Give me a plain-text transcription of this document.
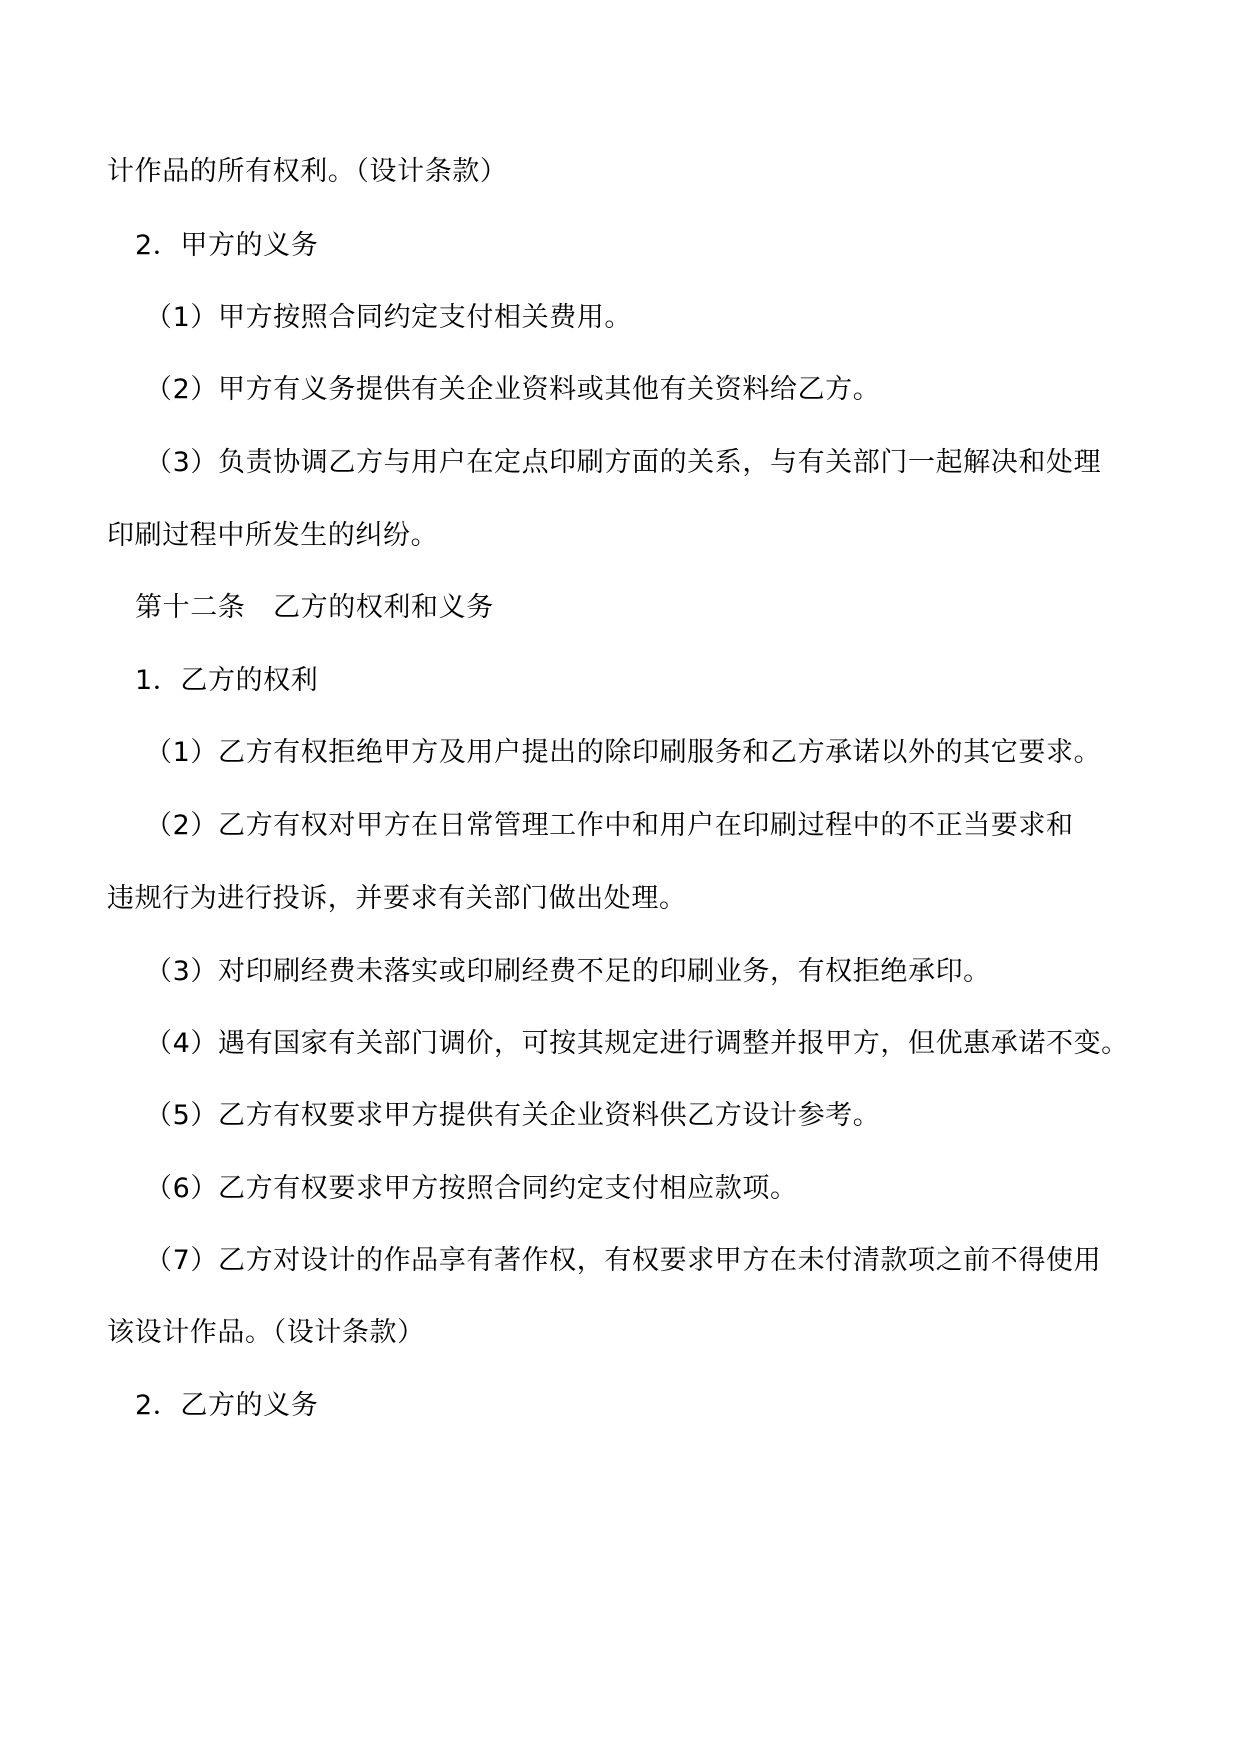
计作品的所有权利。（设计条款）
2．甲方的义务
（1）甲方按照合同约定支付相关费用。
（2）甲方有义务提供有关企业资料或其他有关资料给乙方。
（3）负责协调乙方与用户在定点印刷方面的关系，与有关部门一起解决和处理
印刷过程中所发生的纠纷。
第十二条　乙方的权利和义务
1．乙方的权利
（1）乙方有权拒绝甲方及用户提出的除印刷服务和乙方承诺以外的其它要求。
（2）乙方有权对甲方在日常管理工作中和用户在印刷过程中的不正当要求和
违规行为进行投诉，并要求有关部门做出处理。
（3）对印刷经费未落实或印刷经费不足的印刷业务，有权拒绝承印。
（4）遇有国家有关部门调价，可按其规定进行调整并报甲方，但优惠承诺不变。
（5）乙方有权要求甲方提供有关企业资料供乙方设计参考。
（6）乙方有权要求甲方按照合同约定支付相应款项。
（7）乙方对设计的作品享有著作权，有权要求甲方在未付清款项之前不得使用
该设计作品。（设计条款）
2．乙方的义务
